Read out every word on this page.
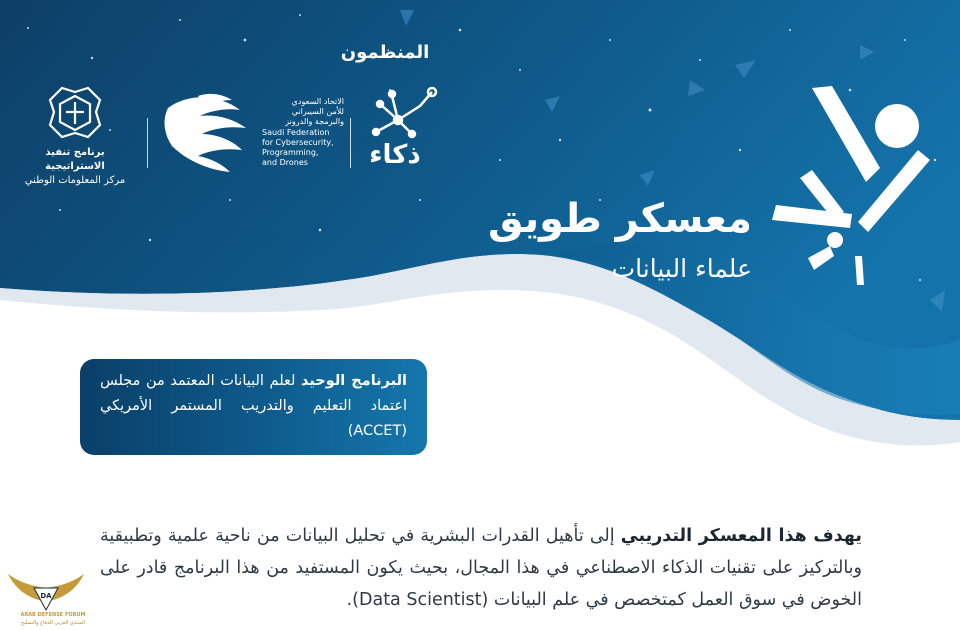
المنظمون
برنامج تنفيذ الاستراتيجية
مركز المعلومات الوطني
الاتحاد السعودي
للأمن السيبراني
والبرمجة والدرونز
Saudi Federation
for Cybersecurity,
Programming,
and Drones	ذكاء
معسكر طويق
علماء البيانات
البرنامج الوحيد لعلم البيانات المعتمد من مجلس اعتماد التعليم والتدريب المستمر الأمريكي (ACCET)
يهدف هذا المعسكر التدريبي إلى تأهيل القدرات البشرية في تحليل البيانات من ناحية علمية وتطبيقية وبالتركيز على تقنيات الذكاء الاصطناعي في هذا المجال، بحيث يكون المستفيد من هذا البرنامج قادر على الخوض في سوق العمل كمتخصص في علم البيانات (Data Scientist).
DA
ARAB DEFENSE FORUM
المنتدى العربي للدفاع والتسليح
